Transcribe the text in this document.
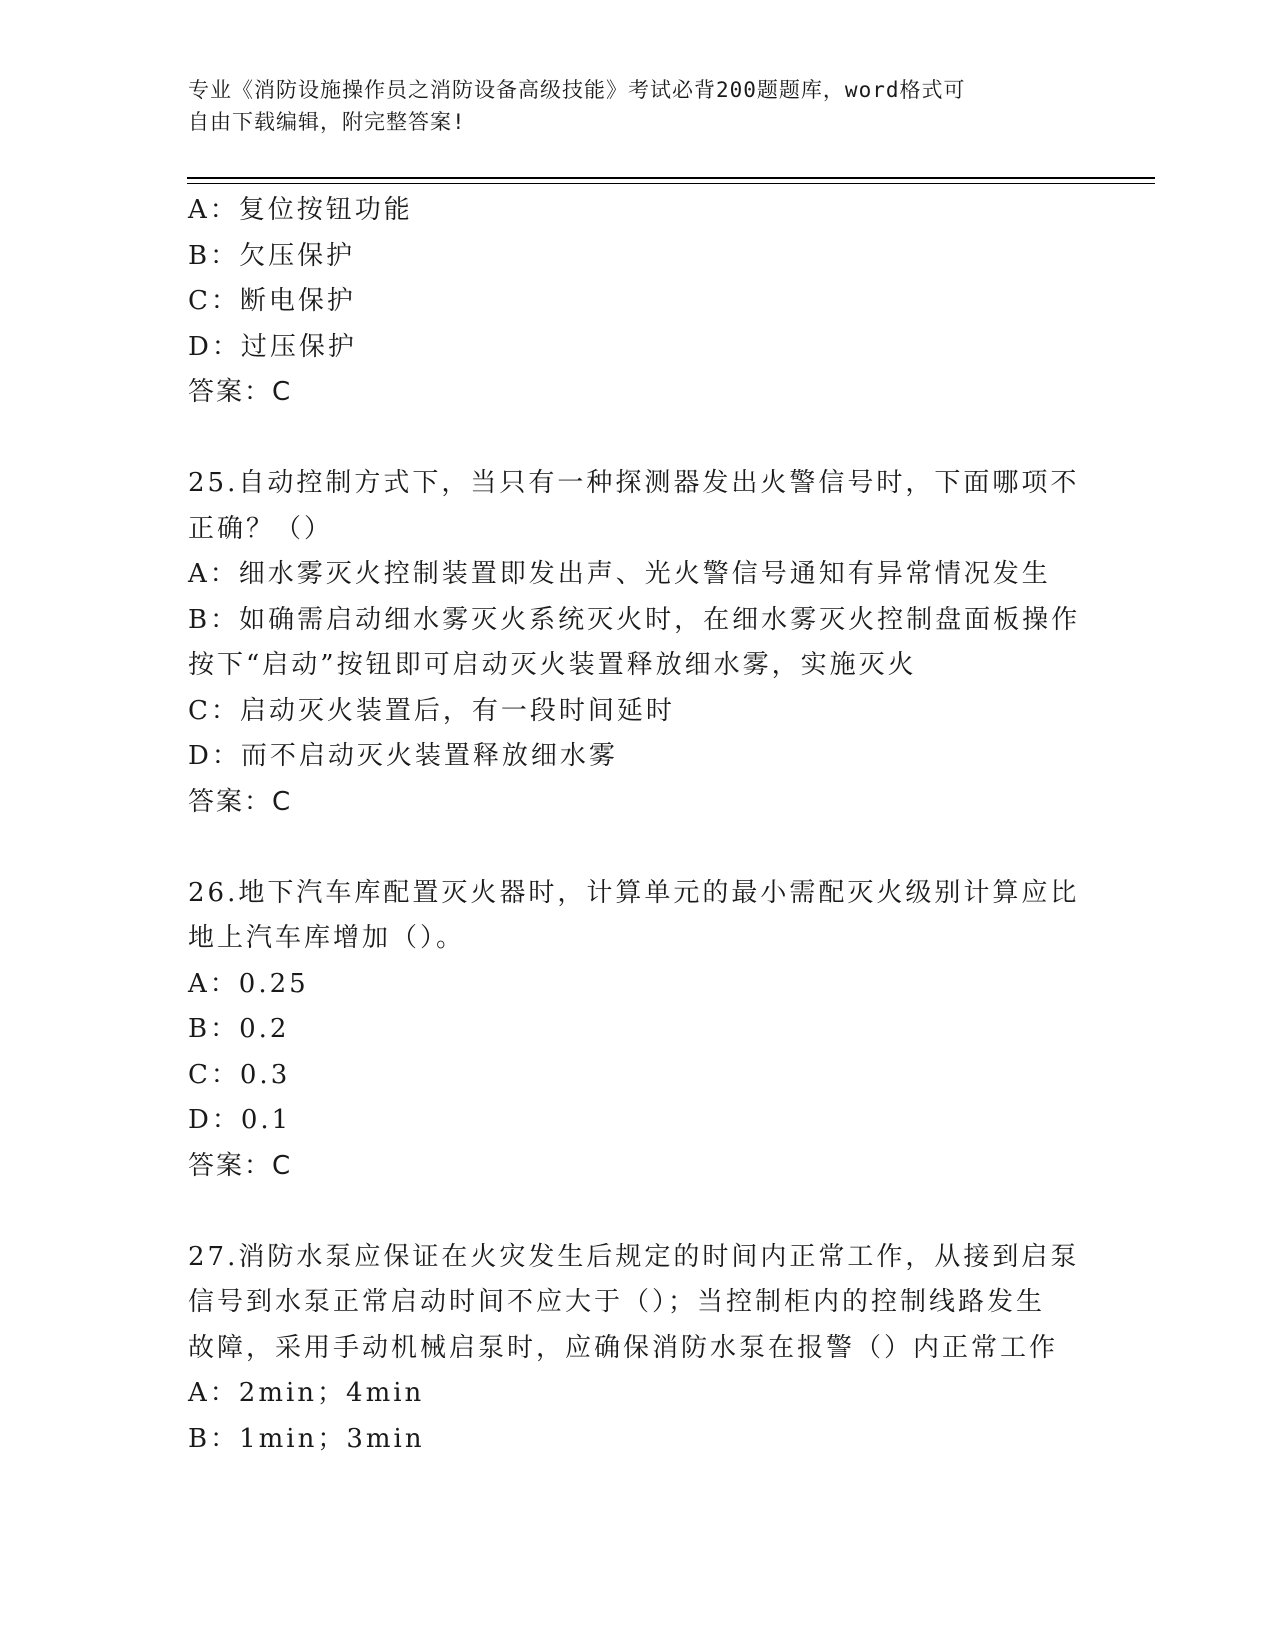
专业《消防设施操作员之消防设备高级技能》考试必背200题题库，word格式可
自由下载编辑，附完整答案!
A：复位按钮功能
B：欠压保护
C：断电保护
D：过压保护
答案：C
25.自动控制方式下，当只有一种探测器发出火警信号时，下面哪项不
正确？（）
A：细水雾灭火控制装置即发出声、光火警信号通知有异常情况发生
B：如确需启动细水雾灭火系统灭火时，在细水雾灭火控制盘面板操作
按下“启动”按钮即可启动灭火装置释放细水雾，实施灭火
C：启动灭火装置后，有一段时间延时
D：而不启动灭火装置释放细水雾
答案：C
26.地下汽车库配置灭火器时，计算单元的最小需配灭火级别计算应比
地上汽车库增加（）。
A：0.25
B：0.2
C：0.3
D：0.1
答案：C
27.消防水泵应保证在火灾发生后规定的时间内正常工作，从接到启泵
信号到水泵正常启动时间不应大于（）；当控制柜内的控制线路发生
故障，采用手动机械启泵时，应确保消防水泵在报警（）内正常工作
A：2min；4min
B：1min；3min
